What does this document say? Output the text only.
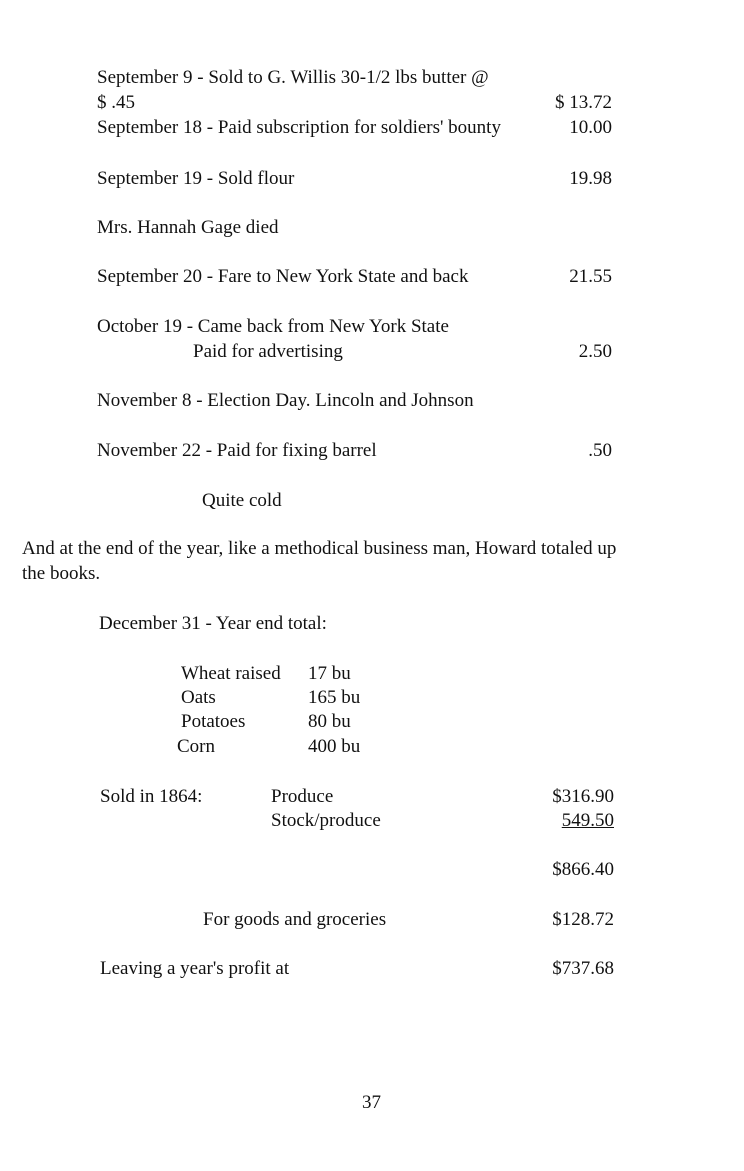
September 9 - Sold to G. Willis 30-1/2 lbs butter @
$ .45	$ 13.72
September 18 - Paid subscription for soldiers' bounty	10.00
September 19 - Sold flour	19.98
Mrs. Hannah Gage died
September 20 - Fare to New York State and back	21.55
October 19 - Came back from New York State
Paid for advertising	2.50
November 8 - Election Day. Lincoln and Johnson
November 22 - Paid for fixing barrel	.50
Quite cold
And at the end of the year, like a methodical business man, Howard totaled up
the books.
December 31 - Year end total:
Wheat raised 17 bu
Oats	165 bu
Potatoes	80 bu
Corn	400 bu
Sold in 1864:	Produce	$316.90
Stock/produce	549.50
$866.40
For goods and groceries	$128.72
Leaving a year's profit at	$737.68
37
